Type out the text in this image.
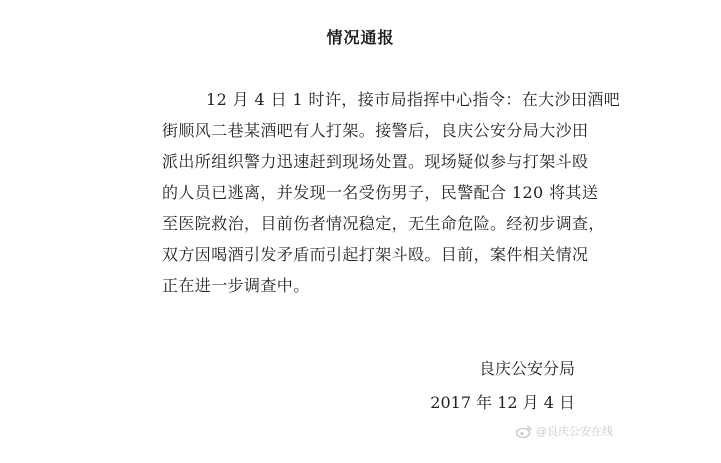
情况通报
12 月 4 日 1 时许，接市局指挥中心指令：在大沙田酒吧
街顺风二巷某酒吧有人打架。接警后，良庆公安分局大沙田
派出所组织警力迅速赶到现场处置。现场疑似参与打架斗殴
的人员已逃离，并发现一名受伤男子，民警配合 120 将其送
至医院救治，目前伤者情况稳定，无生命危险。经初步调查，
双方因喝酒引发矛盾而引起打架斗殴。目前，案件相关情况
正在进一步调查中。
良庆公安分局
2017 年 12 月 4 日
@良庆公安在线
